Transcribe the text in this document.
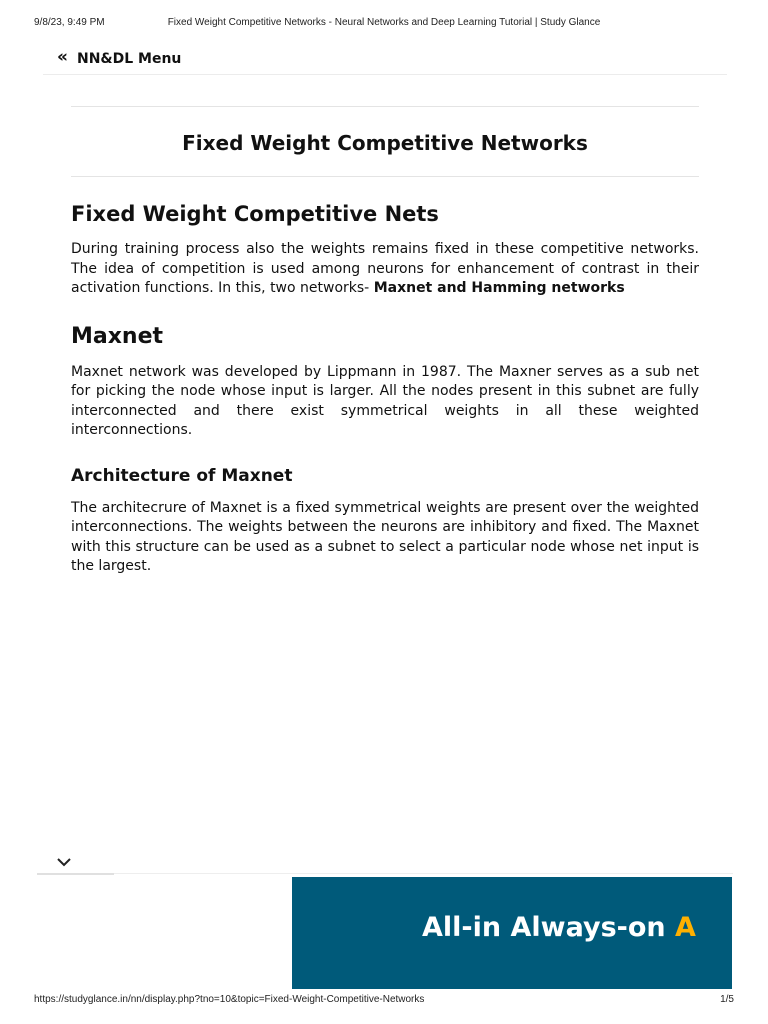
9/8/23, 9:49 PM	Fixed Weight Competitive Networks - Neural Networks and Deep Learning Tutorial | Study Glance
« NN&DL Menu
Fixed Weight Competitive Networks
Fixed Weight Competitive Nets

During training process also the weights remains fixed in these competitive networks. The idea of competition is used among neurons for enhancement of contrast in their activation functions. In this, two networks- Maxnet and Hamming networks

Maxnet

Maxnet network was developed by Lippmann in 1987. The Maxner serves as a sub net for picking the node whose input is larger. All the nodes present in this subnet are fully interconnected and there exist symmetrical weights in all these weighted interconnections.

Architecture of Maxnet

The architecrure of Maxnet is a fixed symmetrical weights are present over the weighted interconnections. The weights between the neurons are inhibitory and fixed. The Maxnet with this structure can be used as a subnet to select a particular node whose net input is the largest.

All-in Always-on A
https://studyglance.in/nn/display.php?tno=10&topic=Fixed-Weight-Competitive-Networks	1/5
